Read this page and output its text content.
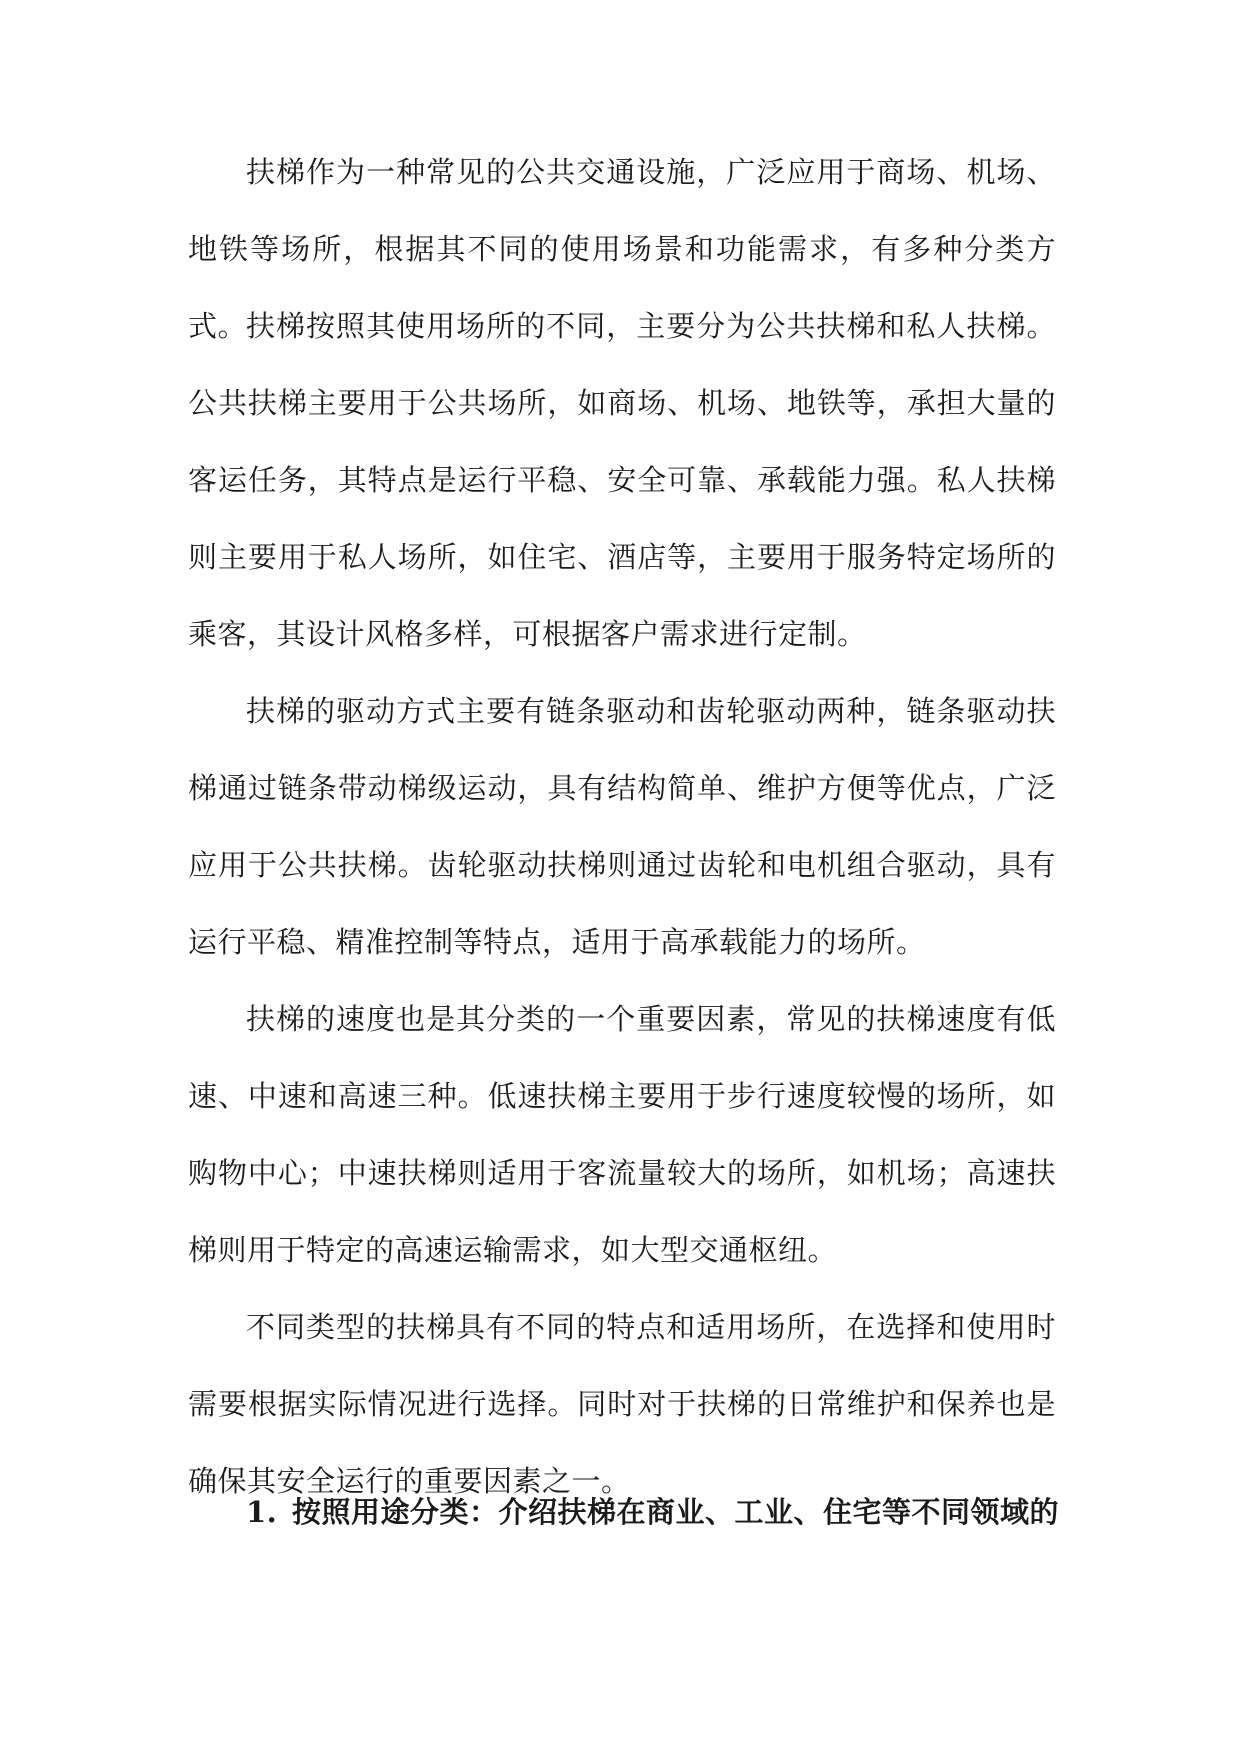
扶梯作为一种常见的公共交通设施，广泛应用于商场、机场、地铁等场所，根据其不同的使用场景和功能需求，有多种分类方式。

扶梯按照其使用场所的不同，主要分为公共扶梯和私人扶梯。公共扶梯主要用于公共场所，如商场、机场、地铁等，承担大量的客运任务，其特点是运行平稳、安全可靠、承载能力强。私人扶梯则主要用于私人场所，如住宅、酒店等，主要用于服务特定场所的乘客，其设计风格多样，可根据客户需求进行定制。

扶梯的驱动方式主要有链条驱动和齿轮驱动两种，链条驱动扶梯通过链条带动梯级运动，具有结构简单、维护方便等优点，广泛应用于公共扶梯。齿轮驱动扶梯则通过齿轮和电机组合驱动，具有运行平稳、精准控制等特点，适用于高承载能力的场所。

扶梯的速度也是其分类的一个重要因素，常见的扶梯速度有低速、中速和高速三种。低速扶梯主要用于步行速度较慢的场所，如购物中心；中速扶梯则适用于客流量较大的场所，如机场；高速扶梯则用于特定的高速运输需求，如大型交通枢纽。

不同类型的扶梯具有不同的特点和适用场所，在选择和使用时需要根据实际情况进行选择。同时对于扶梯的日常维护和保养也是确保其安全运行的重要因素之一。

1. 按照用途分类：介绍扶梯在商业、工业、住宅等不同领域的
